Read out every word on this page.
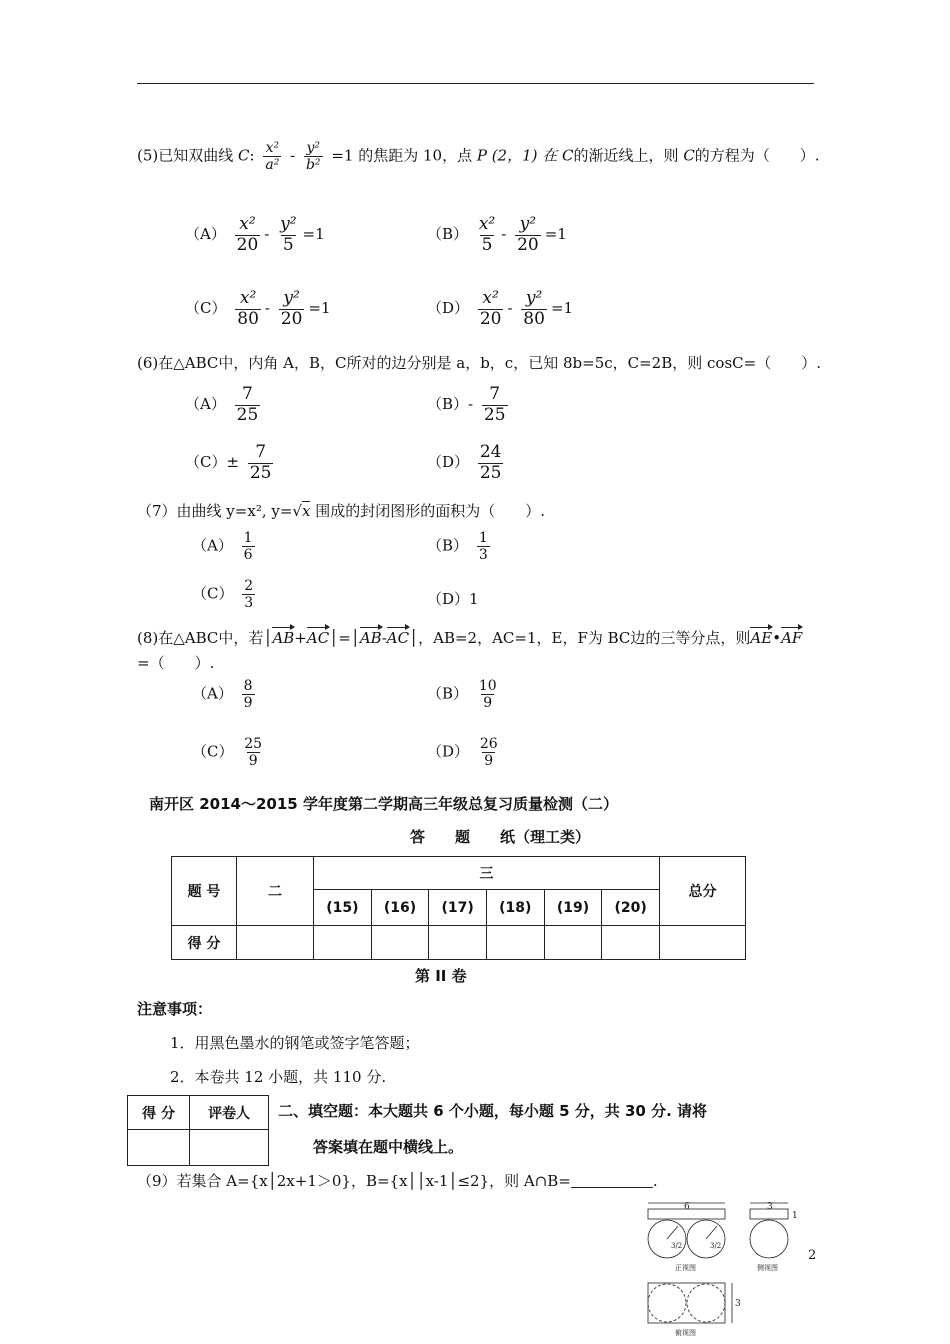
(5)已知双曲线 C: $\frac{\text{x²}}{\text{a²}} - \frac{\text{y²}}{\text{b²}} =1$ 的焦距为 10，点 P (2，1) 在 C的渐近线上，则 C的方程为（　　）.
$(A) \frac{\text{x²}}{20} - \frac{\text{y²}}{5} =1$	$(B) \frac{\text{x²}}{5} - \frac{\text{y²}}{20} =1$
$(C) \frac{\text{x²}}{80} - \frac{\text{y²}}{20} =1$	$(D) \frac{\text{x²}}{20} - \frac{\text{y²}}{80} =1$
(6)在△ABC中，内角 A，B，C所对的边分别是 a，b，c，已知 8b=5c，C=2B，则 cosC=（　　）.
$(A) \frac{7}{25}$	$(B)- \frac{7}{25}$
$(C)\pm \frac{7}{25}$	$(D) \frac{24}{25}$
（7）由曲线 y=x², y=√x 围成的封闭图形的面积为（　　）.
$(A) \frac{1}{6}$	$(B) \frac{1}{3}$
$(C) \frac{2}{3}$	（D）1
(8)在△ABC中，若│AB+AC│=│AB-AC│，AB=2，AC=1，E，F为 BC边的三等分点，则AE•AF
=（　　）.
$(A) \frac{8}{9}$	$(B) \frac{10}{9}$
$(C) \frac{25}{9}$	$(D) \frac{26}{9}$
南开区 2014～2015 学年度第二学期高三年级总复习质量检测（二）
答　　题　　纸（理工类）
题 号	二	三						总分
		(15)	(16)	(17)	(18)	(19)	(20)	
得 分								
第 II 卷
注意事项：
1．用黑色墨水的钢笔或签字笔答题；
2．本卷共 12 小题，共 110 分.
得 分	评卷人
	二、填空题：本大题共 6 个小题，每小题 5 分，共 30 分. 请将
答案填在题中横线上。
（9）若集合 A={x│2x+1＞0}，B={x││x-1│≤2}，则 A∩B=	.
6	3
1
3/2	3/2
正视图	侧视图
3
俯视图
2
